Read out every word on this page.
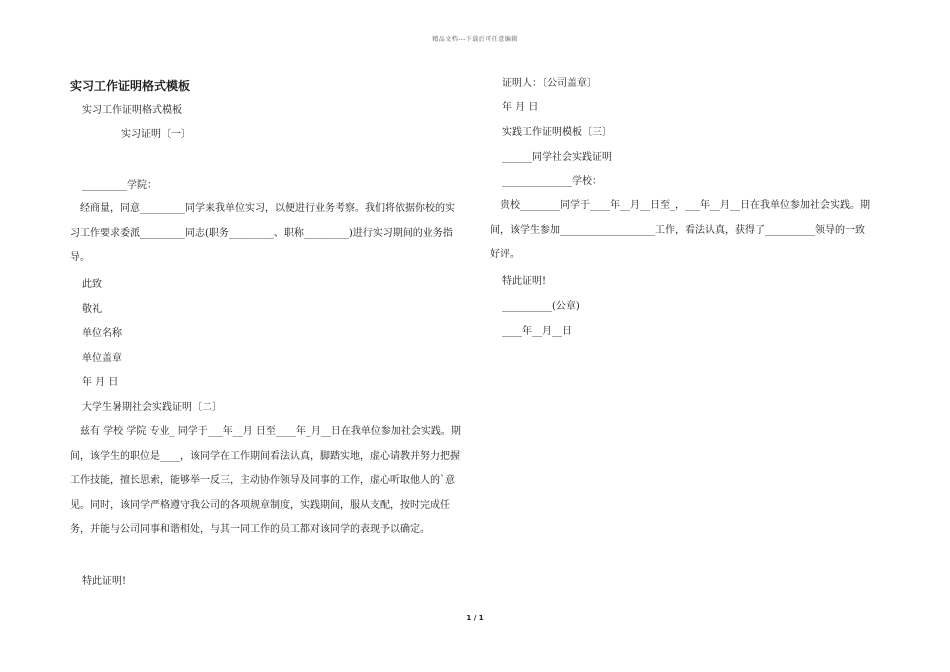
精品文档---下载后可任意编辑
实习工作证明格式模板
实习工作证明格式模板
实习证明〔一〕
_________学院：
经商量，同意_________同学来我单位实习，以便进行业务考察。我们将依据你校的实习工作要求委派_________同志(职务_________、职称_________)进行实习期间的业务指导。
此致
敬礼
单位名称
单位盖章
年 月 日
大学生暑期社会实践证明〔二〕
兹有 学校 学院 专业_ 同学于___年__月 日至____年_月__日在我单位参加社会实践。期间，该学生的职位是____，该同学在工作期间看法认真，脚踏实地，虚心请教并努力把握工作技能，擅长思索，能够举一反三，主动协作领导及同事的工作，虚心听取他人的`意见。同时，该同学严格遵守我公司的各项规章制度，实践期间，服从支配，按时完成任务，并能与公司同事和谐相处，与其一同工作的员工都对该同学的表现予以确定。
特此证明!
证明人：〔公司盖章〕
年 月 日
实践工作证明模板〔三〕
______同学社会实践证明
______________学校：
贵校________同学于____年__月__日至_，___年__月__日在我单位参加社会实践。期间，该学生参加___________________工作，看法认真，获得了__________领导的一致好评。
特此证明!
__________(公章)
____年__月__日
1 / 1
